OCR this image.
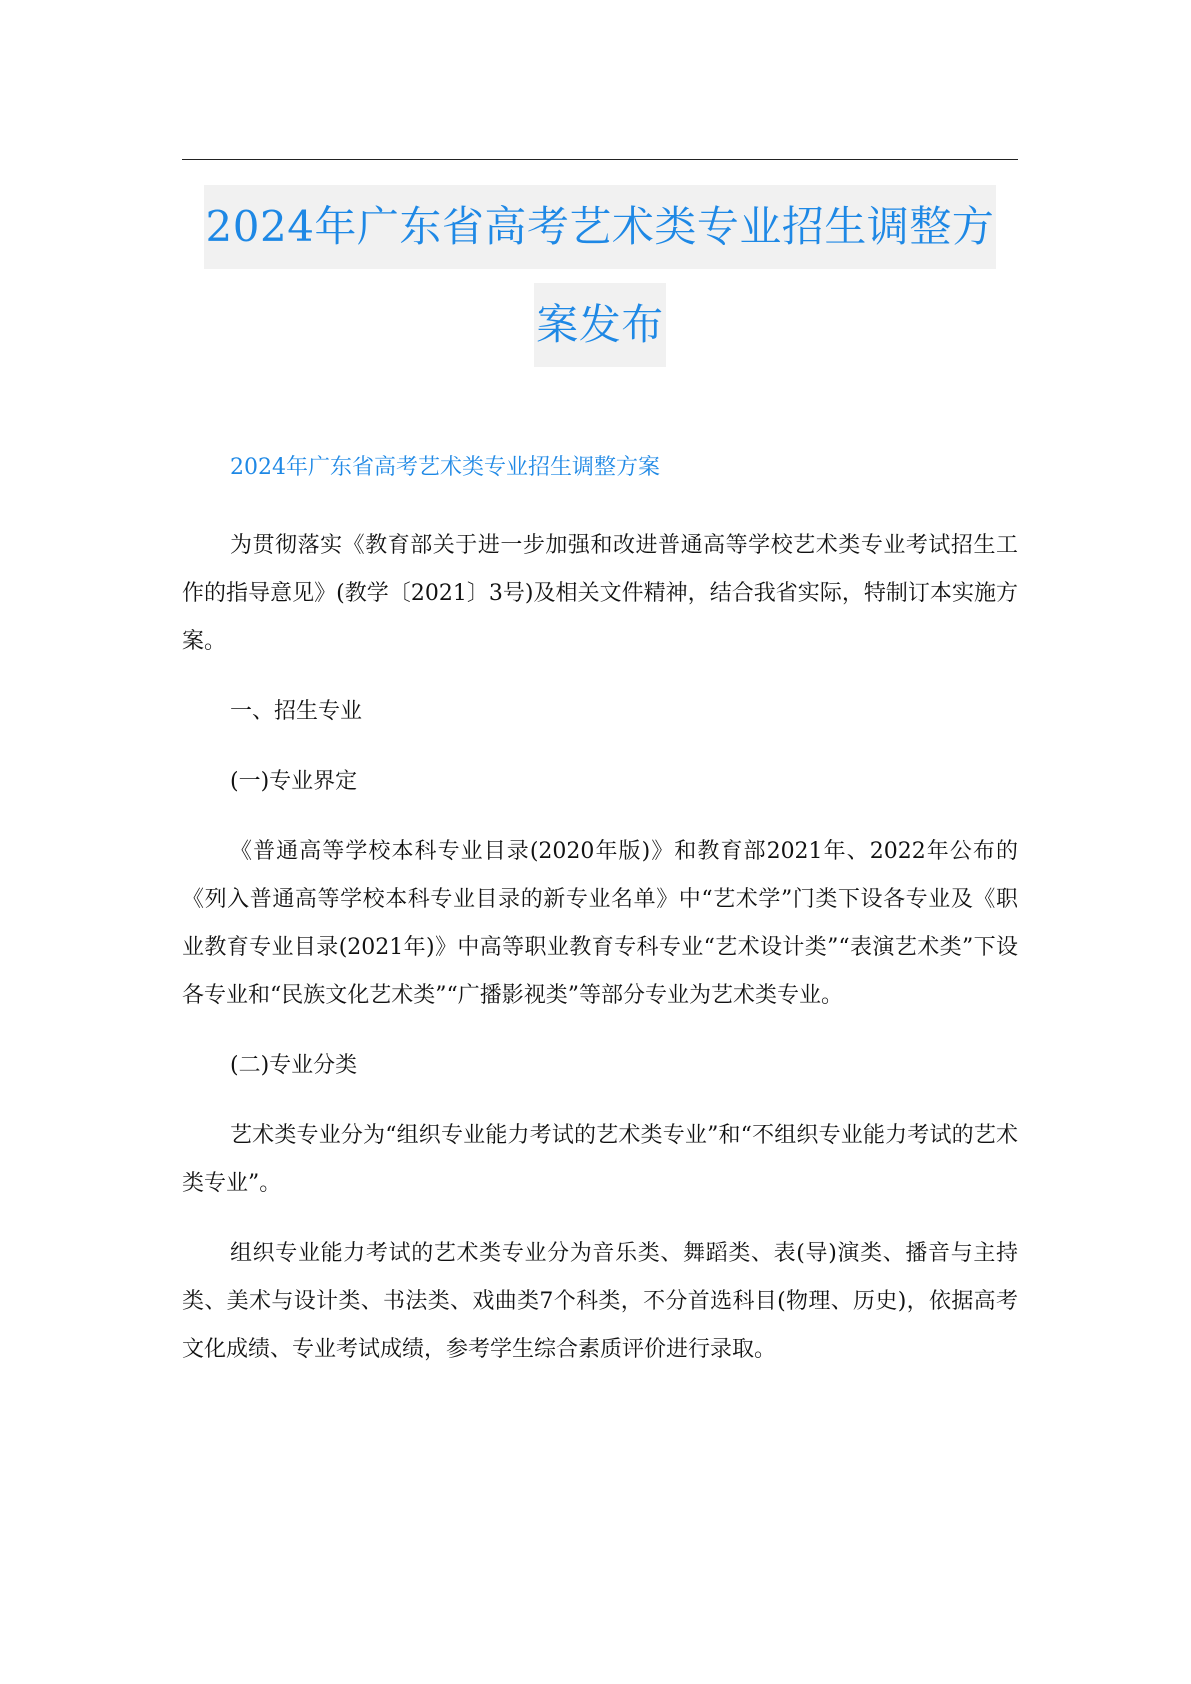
2024年广东省高考艺术类专业招生调整方
案发布
2024年广东省高考艺术类专业招生调整方案

为贯彻落实《教育部关于进一步加强和改进普通高等学校艺术类专业考试招生工作的指导意见》(教学〔2021〕3号)及相关文件精神，结合我省实际，特制订本实施方案。

一、招生专业
(一)专业界定

《普通高等学校本科专业目录(2020年版)》和教育部2021年、2022年公布的《列入普通高等学校本科专业目录的新专业名单》中“艺术学”门类下设各专业及《职业教育专业目录(2021年)》中高等职业教育专科专业“艺术设计类”“表演艺术类”下设各专业和“民族文化艺术类”“广播影视类”等部分专业为艺术类专业。

(二)专业分类

艺术类专业分为“组织专业能力考试的艺术类专业”和“不组织专业能力考试的艺术类专业”。

组织专业能力考试的艺术类专业分为音乐类、舞蹈类、表(导)演类、播音与主持类、美术与设计类、书法类、戏曲类7个科类，不分首选科目(物理、历史)，依据高考文化成绩、专业考试成绩，参考学生综合素质评价进行录取。
